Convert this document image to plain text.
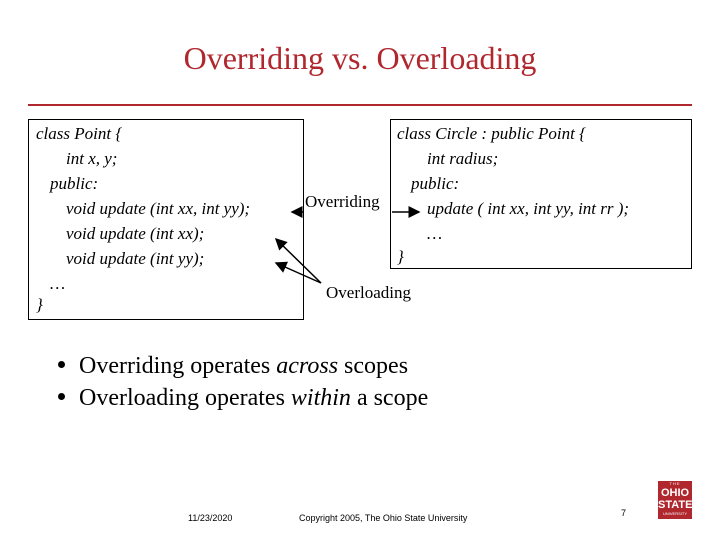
Overriding vs. Overloading
class Point {
int x, y;
public:
void update (int xx, int yy);
void update (int xx);
void update (int yy);
…
}
class Circle : public Point {
int radius;
public:
update ( int xx, int yy, int rr );
…
}
Overriding
Overloading
Overriding operates across scopes
Overloading operates within a scope
11/23/2020	Copyright 2005, The Ohio State University	7
THE
OHIO
STATE
UNIVERSITY
